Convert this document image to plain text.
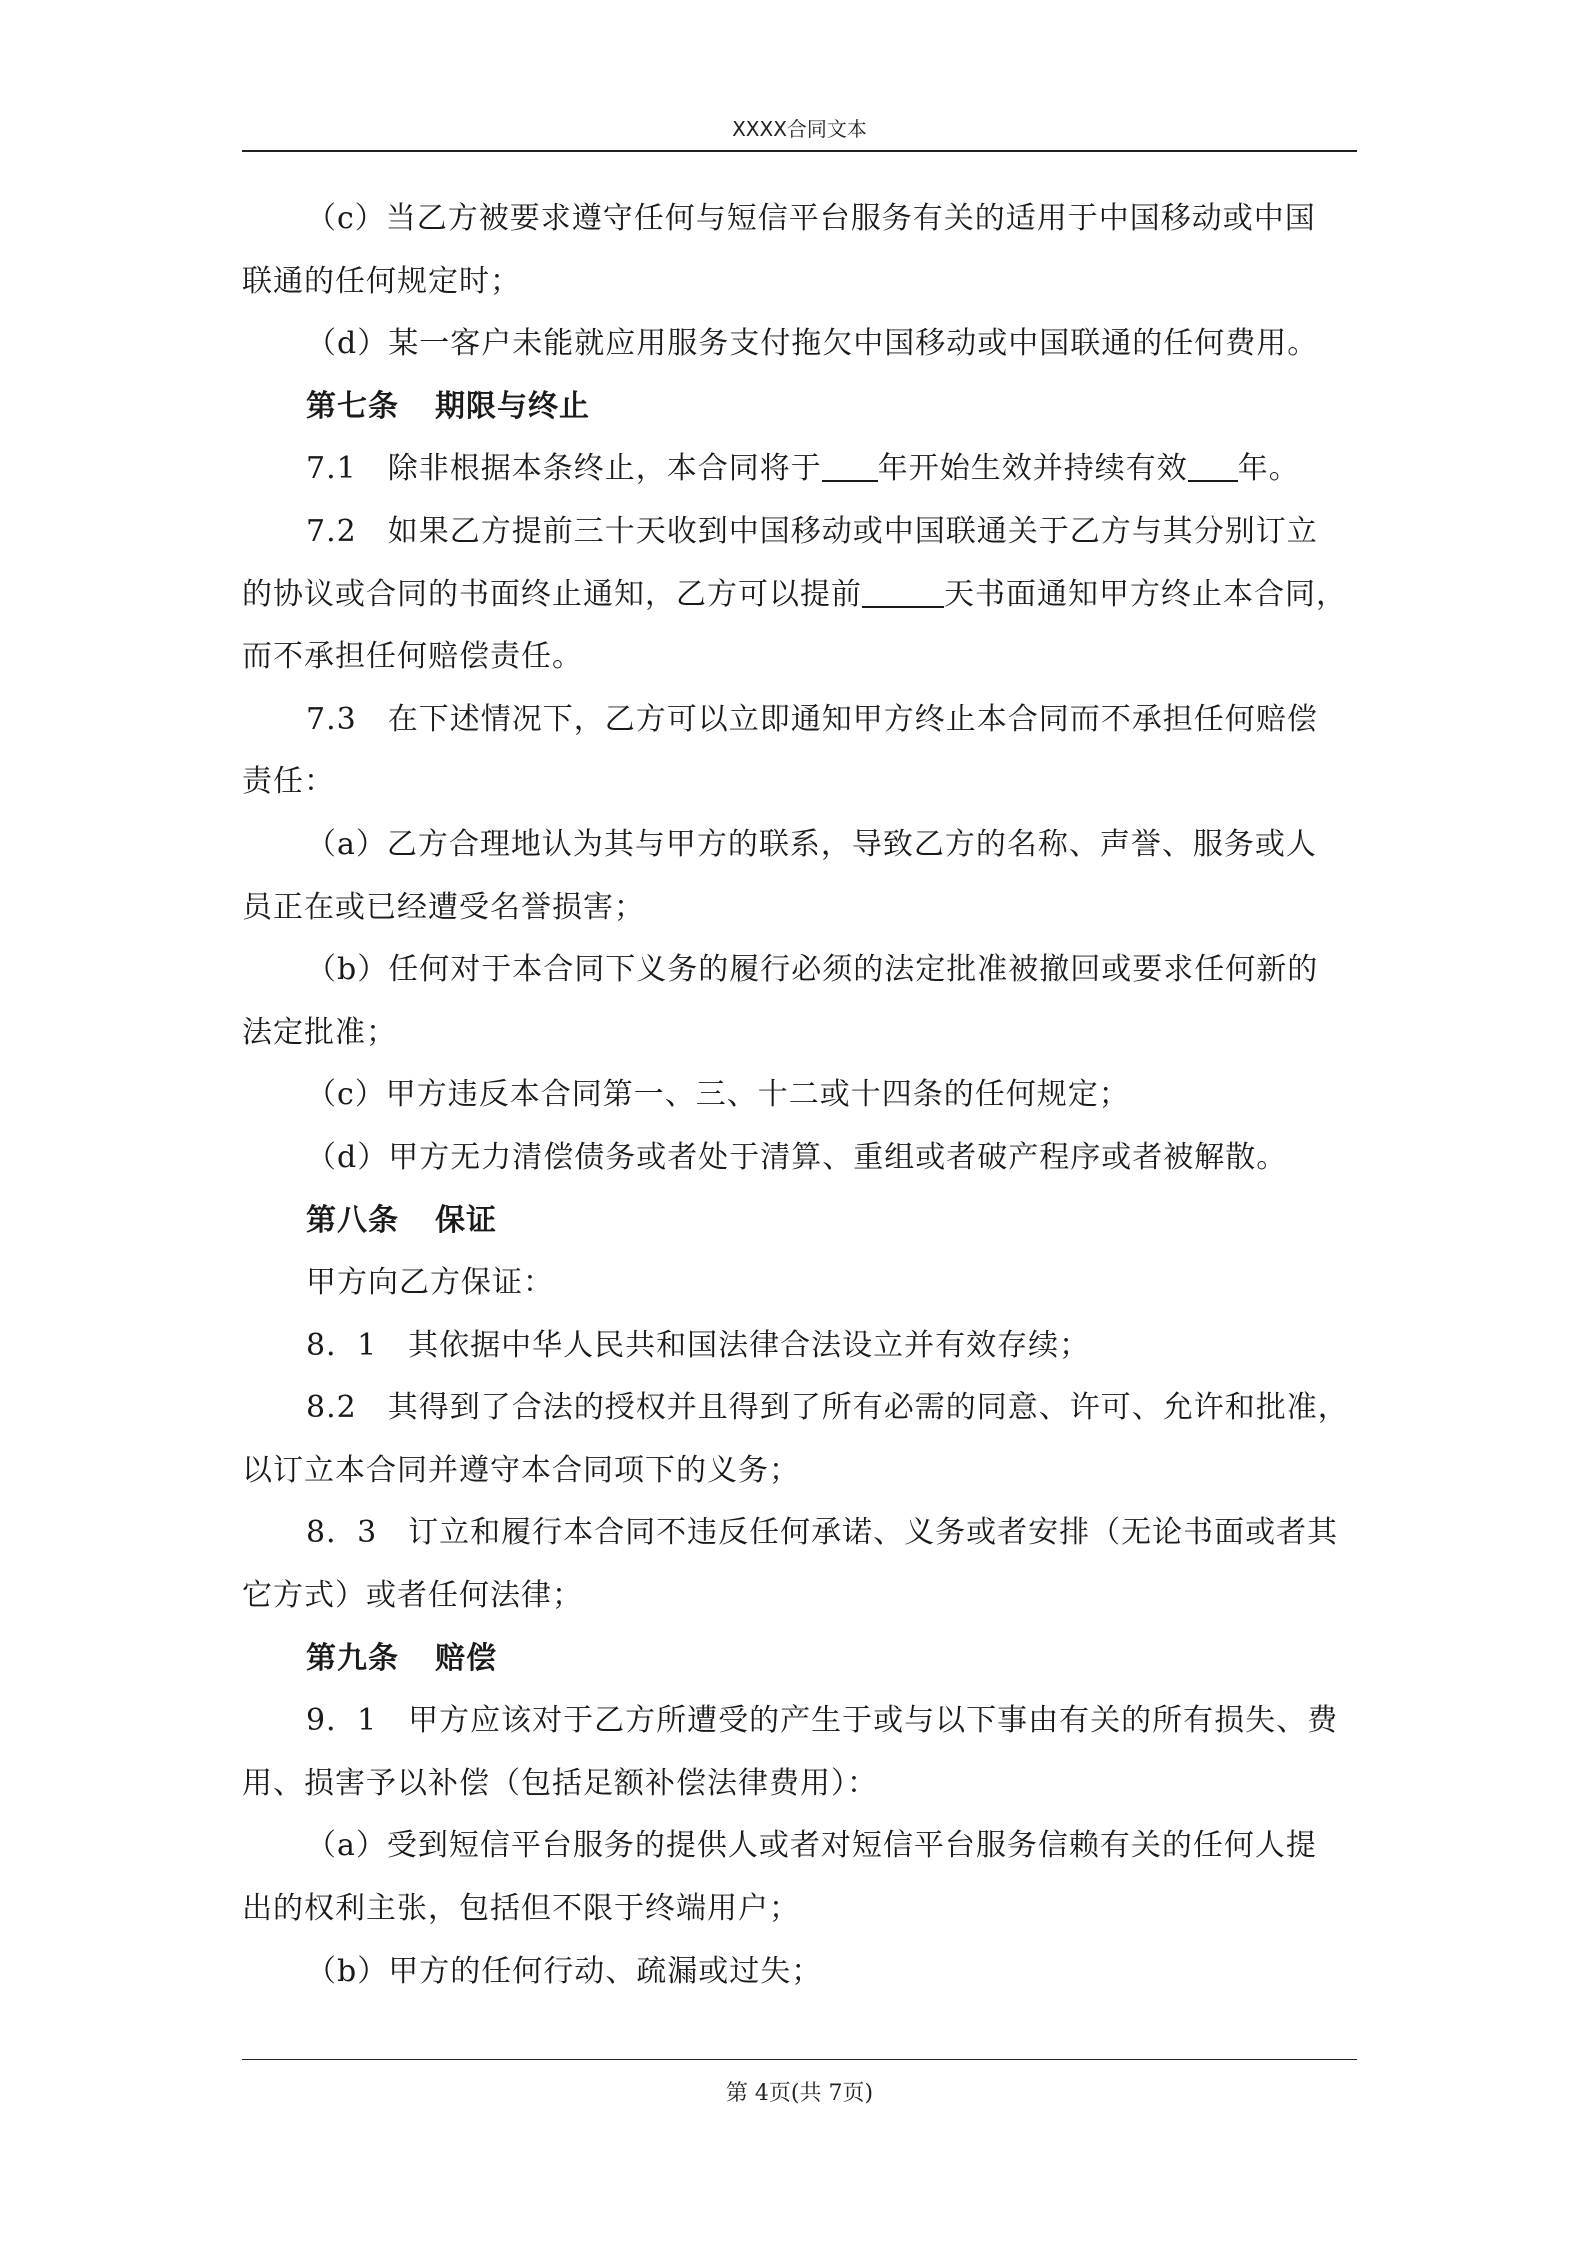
XXXX合同文本
（c）当乙方被要求遵守任何与短信平台服务有关的适用于中国移动或中国
联通的任何规定时；
（d）某一客户未能就应用服务支付拖欠中国移动或中国联通的任何费用。
第七条 期限与终止
7.1　除非根据本条终止，本合同将于 年开始生效并持续有效 年。
7.2　如果乙方提前三十天收到中国移动或中国联通关于乙方与其分别订立
的协议或合同的书面终止通知，乙方可以提前	天书面通知甲方终止本合同，
而不承担任何赔偿责任。
7.3　在下述情况下，乙方可以立即通知甲方终止本合同而不承担任何赔偿
责任：
（a）乙方合理地认为其与甲方的联系，导致乙方的名称、声誉、服务或人
员正在或已经遭受名誉损害；
（b）任何对于本合同下义务的履行必须的法定批准被撤回或要求任何新的
法定批准；
（c）甲方违反本合同第一、三、十二或十四条的任何规定；
（d）甲方无力清偿债务或者处于清算、重组或者破产程序或者被解散。
第八条 保证
甲方向乙方保证：
8．1　其依据中华人民共和国法律合法设立并有效存续；
8.2　其得到了合法的授权并且得到了所有必需的同意、许可、允许和批准，
以订立本合同并遵守本合同项下的义务；
8．3　订立和履行本合同不违反任何承诺、义务或者安排（无论书面或者其
它方式）或者任何法律；
第九条 赔偿
9．1　甲方应该对于乙方所遭受的产生于或与以下事由有关的所有损失、费
用、损害予以补偿（包括足额补偿法律费用）：
（a）受到短信平台服务的提供人或者对短信平台服务信赖有关的任何人提
出的权利主张，包括但不限于终端用户；
（b）甲方的任何行动、疏漏或过失；
第 4页(共 7页)
